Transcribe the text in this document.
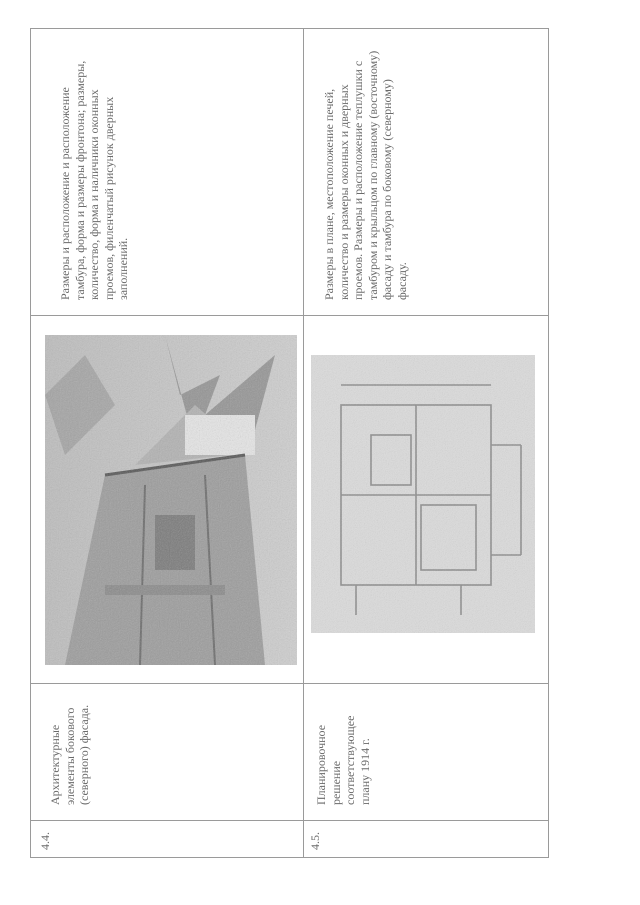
4.4.
Архитектурные элементы бокового (северного) фасада.
Размеры и расположение и расположение тамбура, форма и размеры фронтона; размеры, количество, форма и наличники оконных проемов, филенчатый рисунок дверных заполнений.
4.5.
Планировочное решение соответствующее плану 1914 г.
Размеры в плане, местоположение печей, количество и размеры оконных и дверных проемов. Размеры и расположение теплушки с тамбуром и крыльцом по главному (восточному) фасаду и тамбура по боковому (северному) фасаду.
